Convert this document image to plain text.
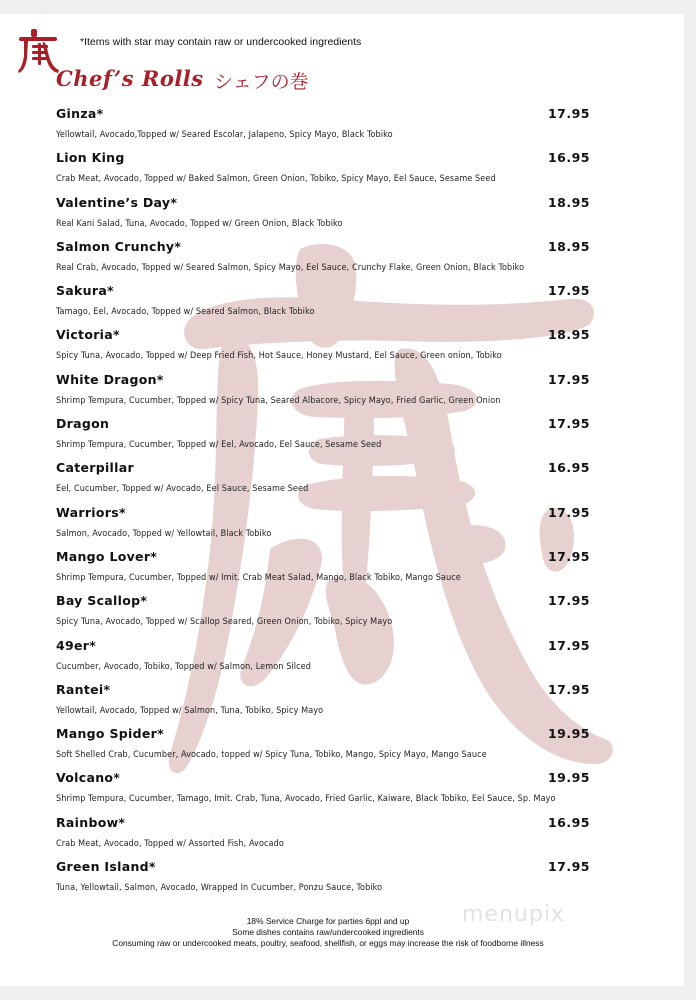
*Items with star may contain raw or undercooked ingredients
Chef’s Rolls シェフの巻
Ginza*	17.95
Yellowtail, Avocado,Topped w/ Seared Escolar, Jalapeno, Spicy Mayo, Black Tobiko
Lion King	16.95
Crab Meat, Avocado, Topped w/ Baked Salmon, Green Onion, Tobiko, Spicy Mayo, Eel Sauce, Sesame Seed
Valentine’s Day*	18.95
Real Kani Salad, Tuna, Avocado, Topped w/ Green Onion, Black Tobiko
Salmon Crunchy*	18.95
Real Crab, Avocado, Topped w/ Seared Salmon, Spicy Mayo, Eel Sauce, Crunchy Flake, Green Onion, Black Tobiko
Sakura*	17.95
Tamago, Eel, Avocado, Topped w/ Seared Salmon, Black Tobiko
Victoria*	18.95
Spicy Tuna, Avocado, Topped w/ Deep Fried Fish, Hot Sauce, Honey Mustard, Eel Sauce, Green onion, Tobiko
White Dragon*	17.95
Shrimp Tempura, Cucumber, Topped w/ Spicy Tuna, Seared Albacore, Spicy Mayo, Fried Garlic, Green Onion
Dragon	17.95
Shrimp Tempura, Cucumber, Topped w/ Eel, Avocado, Eel Sauce, Sesame Seed
Caterpillar	16.95
Eel, Cucumber, Topped w/ Avocado, Eel Sauce, Sesame Seed
Warriors*	17.95
Salmon, Avocado, Topped w/ Yellowtail, Black Tobiko
Mango Lover*	17.95
Shrimp Tempura, Cucumber, Topped w/ Imit. Crab Meat Salad, Mango, Black Tobiko, Mango Sauce
Bay Scallop*	17.95
Spicy Tuna, Avocado, Topped w/ Scallop Seared, Green Onion, Tobiko, Spicy Mayo
49er*	17.95
Cucumber, Avocado, Tobiko, Topped w/ Salmon, Lemon Silced
Rantei*	17.95
Yellowtail, Avocado, Topped w/ Salmon, Tuna, Tobiko, Spicy Mayo
Mango Spider*	19.95
Soft Shelled Crab, Cucumber, Avocado, topped w/ Spicy Tuna, Tobiko, Mango, Spicy Mayo, Mango Sauce
Volcano*	19.95
Shrimp Tempura, Cucumber, Tamago, Imit. Crab, Tuna, Avocado, Fried Garlic, Kaiware, Black Tobiko, Eel Sauce, Sp. Mayo
Rainbow*	16.95
Crab Meat, Avocado, Topped w/ Assorted Fish, Avocado
Green Island*	17.95
Tuna, Yellowtail, Salmon, Avocado, Wrapped In Cucumber, Ponzu Sauce, Tobiko
18% Service Charge for parties 6ppl and up
Some dishes contains raw/undercooked ingredients
Consuming raw or undercooked meats, poultry, seafood, shellfish, or eggs may increase the risk of foodborne illness
menupix
